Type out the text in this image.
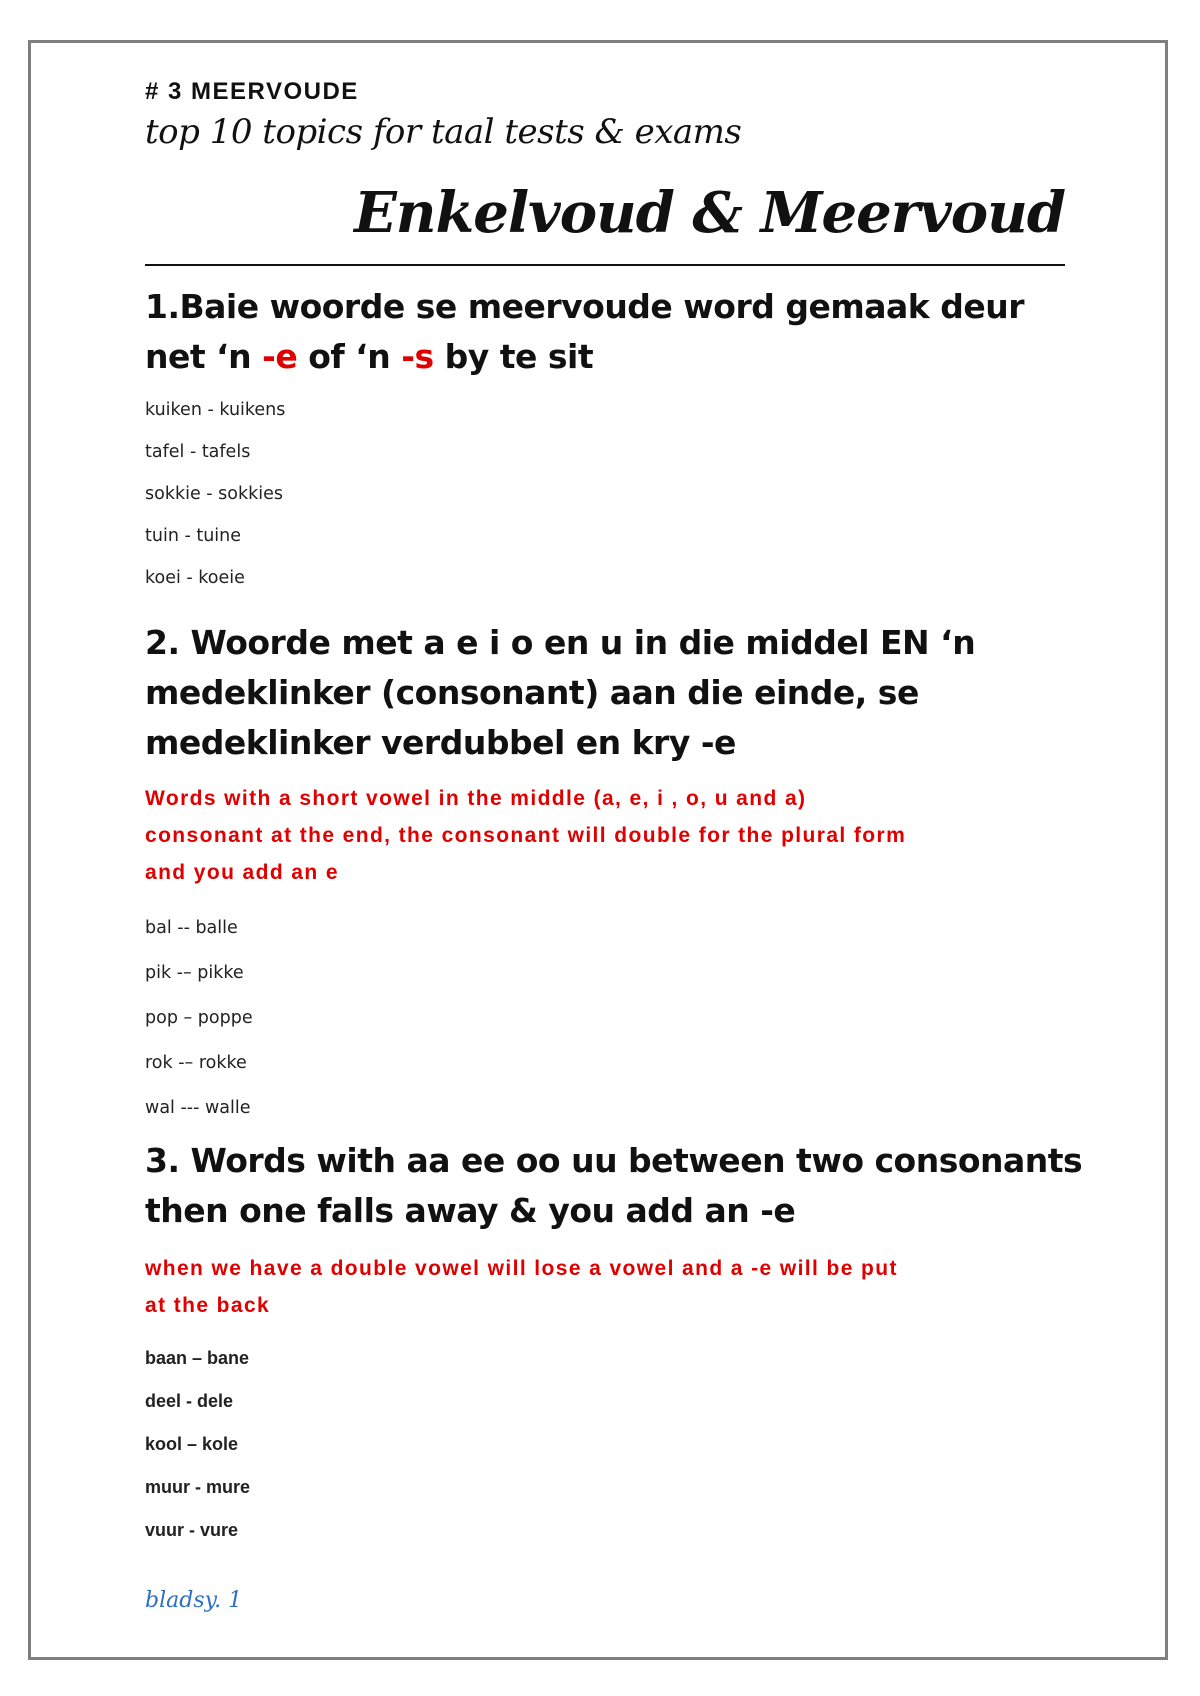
# 3 MEERVOUDE
top 10 topics for taal tests & exams
Enkelvoud & Meervoud
1.Baie woorde se meervoude word gemaak deur
net ‘n -e of ‘n -s by te sit
kuiken - kuikens
tafel - tafels
sokkie - sokkies
tuin - tuine
koei - koeie
2. Woorde met a e i o en u in die middel EN ‘n
medeklinker (consonant) aan die einde, se
medeklinker verdubbel en kry -e
Words with a short vowel in the middle (a, e, i , o, u and a)
consonant at the end, the consonant will double for the plural form
and you add an e
bal -- balle
pik -– pikke
pop – poppe
rok -– rokke
wal --- walle
3. Words with aa ee oo uu between two consonants
then one falls away & you add an -e
when we have a double vowel will lose a vowel and a -e will be put
at the back
baan – bane
deel - dele
kool – kole
muur - mure
vuur - vure
bladsy. 1
